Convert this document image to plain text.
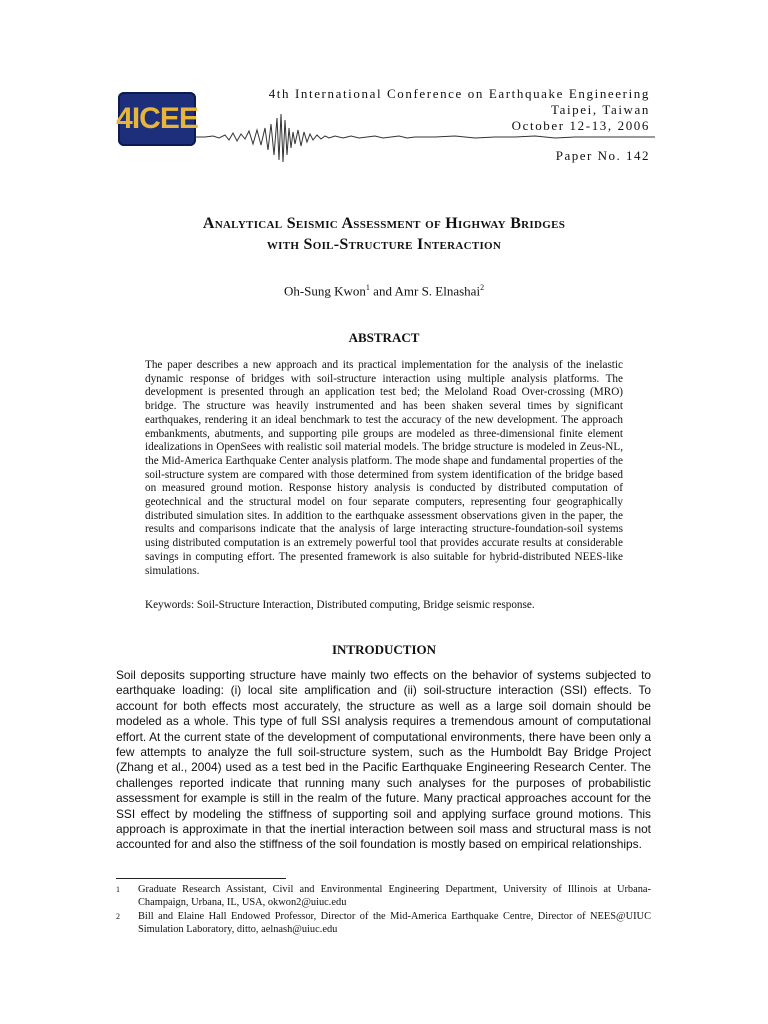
4ICEE
4th International Conference on Earthquake Engineering
Taipei, Taiwan
October 12-13, 2006
Paper No. 142
Analytical Seismic Assessment of Highway Bridges
with Soil-Structure Interaction
Oh-Sung Kwon$^1$ and Amr S. Elnashai$^2$
ABSTRACT
The paper describes a new approach and its practical implementation for the analysis of the inelastic dynamic response of bridges with soil-structure interaction using multiple analysis platforms. The development is presented through an application test bed; the Meloland Road Over-crossing (MRO) bridge. The structure was heavily instrumented and has been shaken several times by significant earthquakes, rendering it an ideal benchmark to test the accuracy of the new development. The approach embankments, abutments, and supporting pile groups are modeled as three-dimensional finite element idealizations in OpenSees with realistic soil material models. The bridge structure is modeled in Zeus-NL, the Mid-America Earthquake Center analysis platform. The mode shape and fundamental properties of the soil-structure system are compared with those determined from system identification of the bridge based on measured ground motion. Response history analysis is conducted by distributed computation of geotechnical and the structural model on four separate computers, representing four geographically distributed simulation sites. In addition to the earthquake assessment observations given in the paper, the results and comparisons indicate that the analysis of large interacting structure-foundation-soil systems using distributed computation is an extremely powerful tool that provides accurate results at considerable savings in computing effort. The presented framework is also suitable for hybrid-distributed NEES-like simulations.
Keywords: Soil-Structure Interaction, Distributed computing, Bridge seismic response.
INTRODUCTION
Soil deposits supporting structure have mainly two effects on the behavior of systems subjected to earthquake loading: (i) local site amplification and (ii) soil-structure interaction (SSI) effects. To account for both effects most accurately, the structure as well as a large soil domain should be modeled as a whole. This type of full SSI analysis requires a tremendous amount of computational effort. At the current state of the development of computational environments, there have been only a few attempts to analyze the full soil-structure system, such as the Humboldt Bay Bridge Project (Zhang et al., 2004) used as a test bed in the Pacific Earthquake Engineering Research Center. The challenges reported indicate that running many such analyses for the purposes of probabilistic assessment for example is still in the realm of the future. Many practical approaches account for the SSI effect by modeling the stiffness of supporting soil and applying surface ground motions. This approach is approximate in that the inertial interaction between soil mass and structural mass is not accounted for and also the stiffness of the soil foundation is mostly based on empirical relationships.
1	Graduate Research Assistant, Civil and Environmental Engineering Department, University of Illinois at Urbana-Champaign, Urbana, IL, USA, okwon2@uiuc.edu
2	Bill and Elaine Hall Endowed Professor, Director of the Mid-America Earthquake Centre, Director of NEES@UIUC Simulation Laboratory, ditto, aelnash@uiuc.edu
